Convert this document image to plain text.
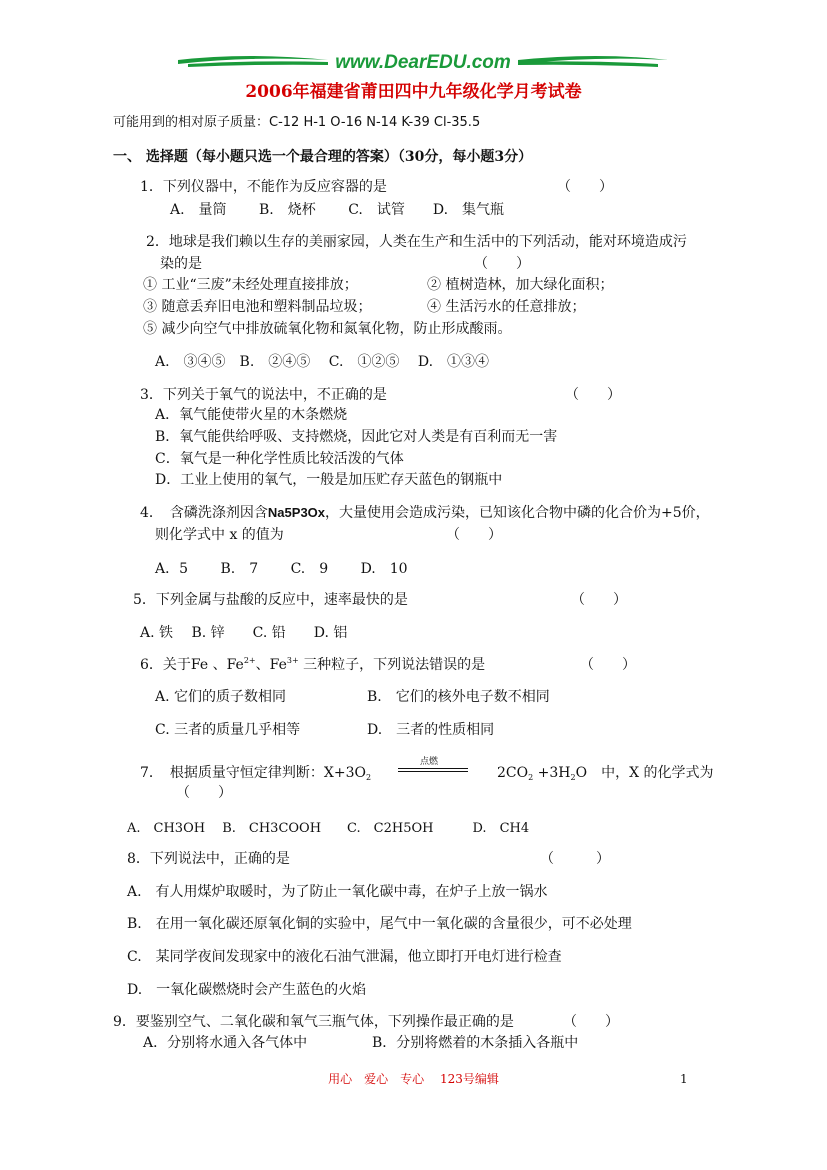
www.DearEDU.com
2006年福建省莆田四中九年级化学月考试卷
可能用到的相对原子质量：C-12 H-1 O-16 N-14 K-39 Cl-35.5
一、 选择题（每小题只选一个最合理的答案）（30分，每小题3分）
1．下列仪器中，不能作为反应容器的是	（　　）
A.　量筒　　 B.　烧杯　　 C.　试管　　D.　集气瓶
2．地球是我们赖以生存的美丽家园，人类在生产和生活中的下列活动，能对环境造成污
染的是	（　　）
① 工业“三废”未经处理直接排放；	② 植树造林，加大绿化面积；
③ 随意丢弃旧电池和塑料制品垃圾；	④ 生活污水的任意排放；
⑤ 减少向空气中排放硫氧化物和氮氧化物，防止形成酸雨。
A.　③④⑤　B.　②④⑤　 C.　①②⑤　 D.　①③④
3．下列关于氧气的说法中，不正确的是	（　　）
A．氧气能使带火星的木条燃烧
B．氧气能供给呼吸、支持燃烧，因此它对人类是有百利而无一害
C．氧气是一种化学性质比较活泼的气体
D．工业上使用的氧气，一般是加压贮存天蓝色的钢瓶中
4．　含磷洗涤剂因含Na5P3Ox，大量使用会造成污染，已知该化合物中磷的化合价为+5价，
则化学式中 x 的值为	（　　）
A．5　　 B.　7　　 C.　9　　 D.　10
5．下列金属与盐酸的反应中，速率最快的是	（　　）
A. 铁　 B. 锌　　C. 铅　　D. 铝
6．关于Fe 、$Fe^{2+}$、$Fe^{3+}$ 三种粒子，下列说法错误的是	（　　）
A. 它们的质子数相同	B.　它们的核外电子数不相同
C. 三者的质量几乎相等	D.　三者的性质相同
7．　根据质量守恒定律判断：$X+3O_2$
点燃
$2CO_2 +3H_2O$　中，X 的化学式为
（　　）
A.　CH3OH　 B.　CH3COOH　　C.　C2H5OH　　　D.　CH4
8．下列说法中，正确的是	（　　　）
A.　有人用煤炉取暖时，为了防止一氧化碳中毒，在炉子上放一锅水
B.　在用一氧化碳还原氧化铜的实验中，尾气中一氧化碳的含量很少，可不必处理
C.　某同学夜间发现家中的液化石油气泄漏，他立即打开电灯进行检查
D.　一氧化碳燃烧时会产生蓝色的火焰
9．要鉴别空气、二氧化碳和氧气三瓶气体，下列操作最正确的是	（　　）
A．分别将水通入各气体中	B．分别将燃着的木条插入各瓶中
用心　爱心　专心　 123号编辑	1
